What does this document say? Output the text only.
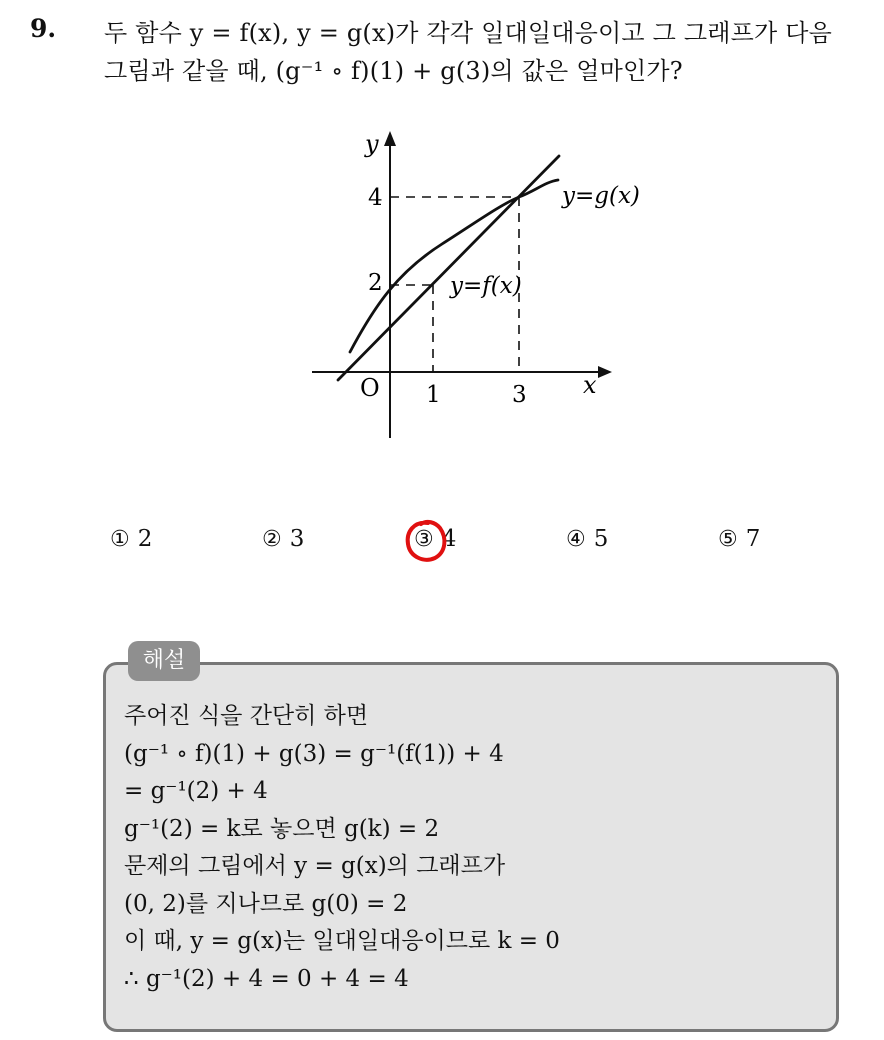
9. 두 함수 y = f(x), y = g(x)가 각각 일대일대응이고 그 그래프가 다음
그림과 같을 때, (g⁻¹ ∘ f)(1) + g(3)의 값은 얼마인가?
y
x
O 1	3
4
2
y=g(x)
y=f(x)
① 2	② 3	③ 4	④ 5	⑤ 7
해설
주어진 식을 간단히 하면
(g⁻¹ ∘ f)(1) + g(3) = g⁻¹(f(1)) + 4
= g⁻¹(2) + 4
g⁻¹(2) = k로 놓으면 g(k) = 2
문제의 그림에서 y = g(x)의 그래프가
(0, 2)를 지나므로 g(0) = 2
이 때, y = g(x)는 일대일대응이므로 k = 0
∴ g⁻¹(2) + 4 = 0 + 4 = 4
